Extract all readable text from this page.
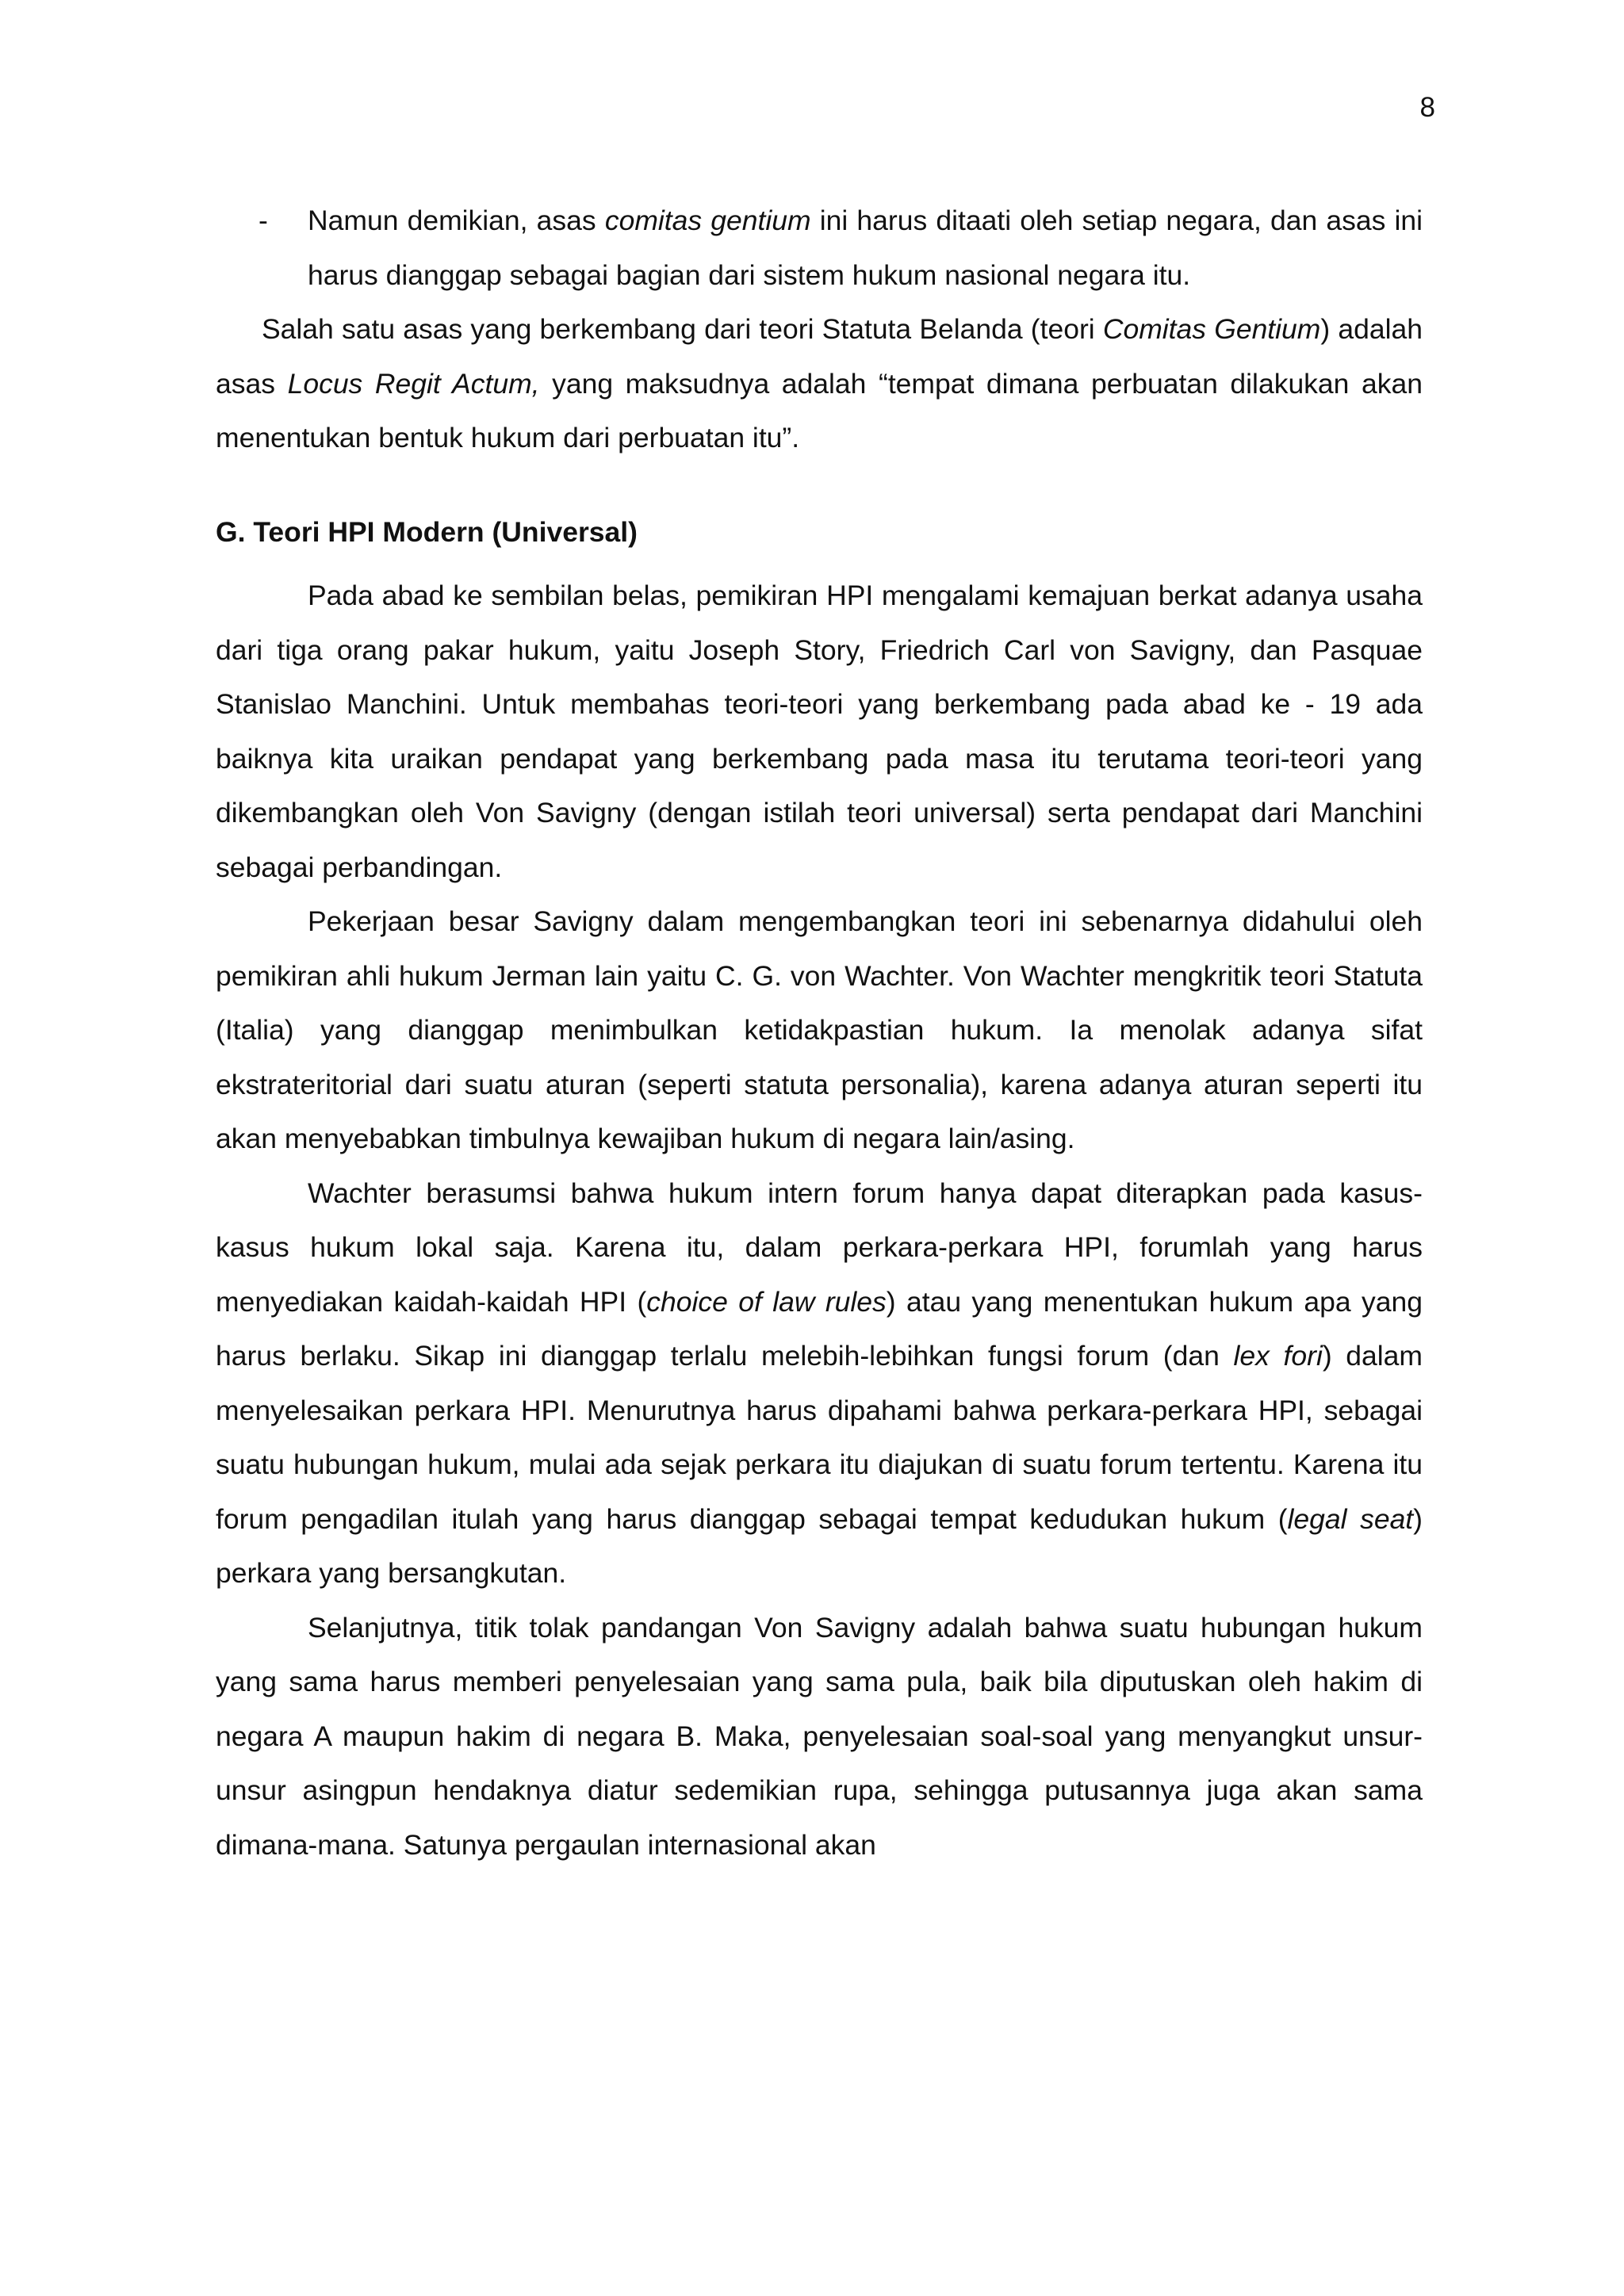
8

- Namun demikian, asas comitas gentium ini harus ditaati oleh setiap negara, dan asas ini harus dianggap sebagai bagian dari sistem hukum nasional negara itu.

Salah satu asas yang berkembang dari teori Statuta Belanda (teori Comitas Gentium) adalah asas Locus Regit Actum, yang maksudnya adalah “tempat dimana perbuatan dilakukan akan menentukan bentuk hukum dari perbuatan itu”.

G. Teori HPI Modern (Universal)

Pada abad ke sembilan belas, pemikiran HPI mengalami kemajuan berkat adanya usaha dari tiga orang pakar hukum, yaitu Joseph Story, Friedrich Carl von Savigny, dan Pasquae Stanislao Manchini. Untuk membahas teori-teori yang berkembang pada abad ke - 19 ada baiknya kita uraikan pendapat yang berkembang pada masa itu terutama teori-teori yang dikembangkan oleh Von Savigny (dengan istilah teori universal) serta pendapat dari Manchini sebagai perbandingan.

Pekerjaan besar Savigny dalam mengembangkan teori ini sebenarnya didahului oleh pemikiran ahli hukum Jerman lain yaitu C. G. von Wachter. Von Wachter mengkritik teori Statuta (Italia) yang dianggap menimbulkan ketidakpastian hukum. Ia menolak adanya sifat ekstrateritorial dari suatu aturan (seperti statuta personalia), karena adanya aturan seperti itu akan menyebabkan timbulnya kewajiban hukum di negara lain/asing.

Wachter berasumsi bahwa hukum intern forum hanya dapat diterapkan pada kasus-kasus hukum lokal saja. Karena itu, dalam perkara-perkara HPI, forumlah yang harus menyediakan kaidah-kaidah HPI (choice of law rules) atau yang menentukan hukum apa yang harus berlaku. Sikap ini dianggap terlalu melebih-lebihkan fungsi forum (dan lex fori) dalam menyelesaikan perkara HPI. Menurutnya harus dipahami bahwa perkara-perkara HPI, sebagai suatu hubungan hukum, mulai ada sejak perkara itu diajukan di suatu forum tertentu. Karena itu forum pengadilan itulah yang harus dianggap sebagai tempat kedudukan hukum (legal seat) perkara yang bersangkutan.

Selanjutnya, titik tolak pandangan Von Savigny adalah bahwa suatu hubungan hukum yang sama harus memberi penyelesaian yang sama pula, baik bila diputuskan oleh hakim di negara A maupun hakim di negara B. Maka, penyelesaian soal-soal yang menyangkut unsur-unsur asingpun hendaknya diatur sedemikian rupa, sehingga putusannya juga akan sama dimana-mana. Satunya pergaulan internasional akan
